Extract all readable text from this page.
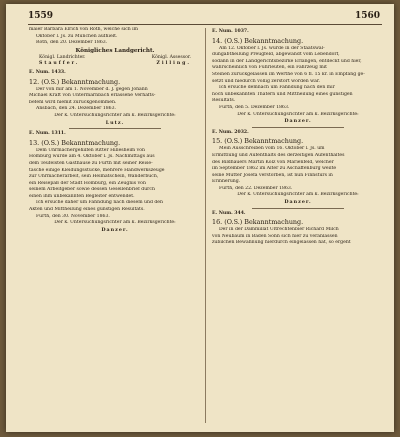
1559	1560
maier Barbara Elrich von Roth, welche sich im
Oktober l. Js. zu München aufhielt.
Roth, den 20. Dezember 1863.
Königliches Landgericht.
Königl. Landrichter.	Königl. Assessor.
Stauffer.	Zilling.
E. Num. 1433.
12. (O.S.) Bekanntmachung.
Der von mir am 1. November d. J. gegen Johann
Michael Kraft von Untermarnbach erlassene Verhafts-
befehl wird hiemit zurückgenommen.
Ansbach, den 24. Dezember 1863.
Der k. Untersuchungsrichter am k. Bezirksgerichte:
Lutz.
E. Num. 1311.
13. (O.S.) Bekanntmachung.
Dem Uhrmachergehilfen Ritter Hillesheim von
Homburg wurde am 4. Oktober l. Js. Nachmittags aus
dem Teufelsten Gasthause zu Fürth mit seiner Reise-
tasche einige Kleidungsstücke, mehrere Handwerkszeuge
zur Uhrmacherarbeit, sein Heimatschein, Wanderbuch,
ein Reisepaß der Stadt Homburg, ein Zeugnis von
seinem Arbeitgeber sowie dessen Gesellenbrief durch
einen ihm unbekannten Begleiter entwendet.
Ich ersuche daher um Fahndung nach diesem und den
Akten und Mittheilung eines günstigen Resultats.
Fürth, den 30. November 1863.
Der k. Untersuchungsrichter am k. Bezirksgerichte:
Danzer.
E. Num. 1037.
14. (O.S.) Bekanntmachung.
Am 12. Oktober l. Js. wurde in der Staatswal-
dungabtheilung Preugfeld, abgewandt vom Lebendorf,
sodann in der Landgerichtsbezirke Erlangen, entdeckt und hier,
wahrscheinlich von Fuhrleuten, ein Fahrzeug mit
Steinen zurückgelassen im Werthe von 6 fl. 15 kr. in Empfang ge-
setzt und hiedurch völlig zerstört worden war.
Ich ersuche demnach um Fahndung nach den mir
noch unbekannten Thätern und Mittheilung eines günstigen
Resultats.
Fürth, den 5. Dezember 1863.
Der k. Untersuchungsrichter am k. Bezirksgerichte:
Danzer.
E. Num. 2032.
15. (O.S.) Bekanntmachung.
Mein Ausschreiben vom 16. Oktober l. Js. um
Ermittlung und Aufenthalts des derzeitigen Aufenthaltes
des Bildhauers Martin Kolz von Marienfeld, welcher
im September 1862 im Alter zu Aschaffenburg weilte
seine Mutter Josefa verstorben, ist nun Finnsturs in
Erinnerung.
Fürth, den 22. Dezember 1863.
Der k. Untersuchungsrichter am k. Bezirksgerichte:
Danzer.
E. Num. 344.
16. (O.S.) Bekanntmachung.
Der in der Dammillat Ultrechtenbier Richard Milch
von Neubaum in Baden Sonn sich hier zu veranlassen
zubilchen Bewahnung hierdurch eingelassen hat, so ergeht
